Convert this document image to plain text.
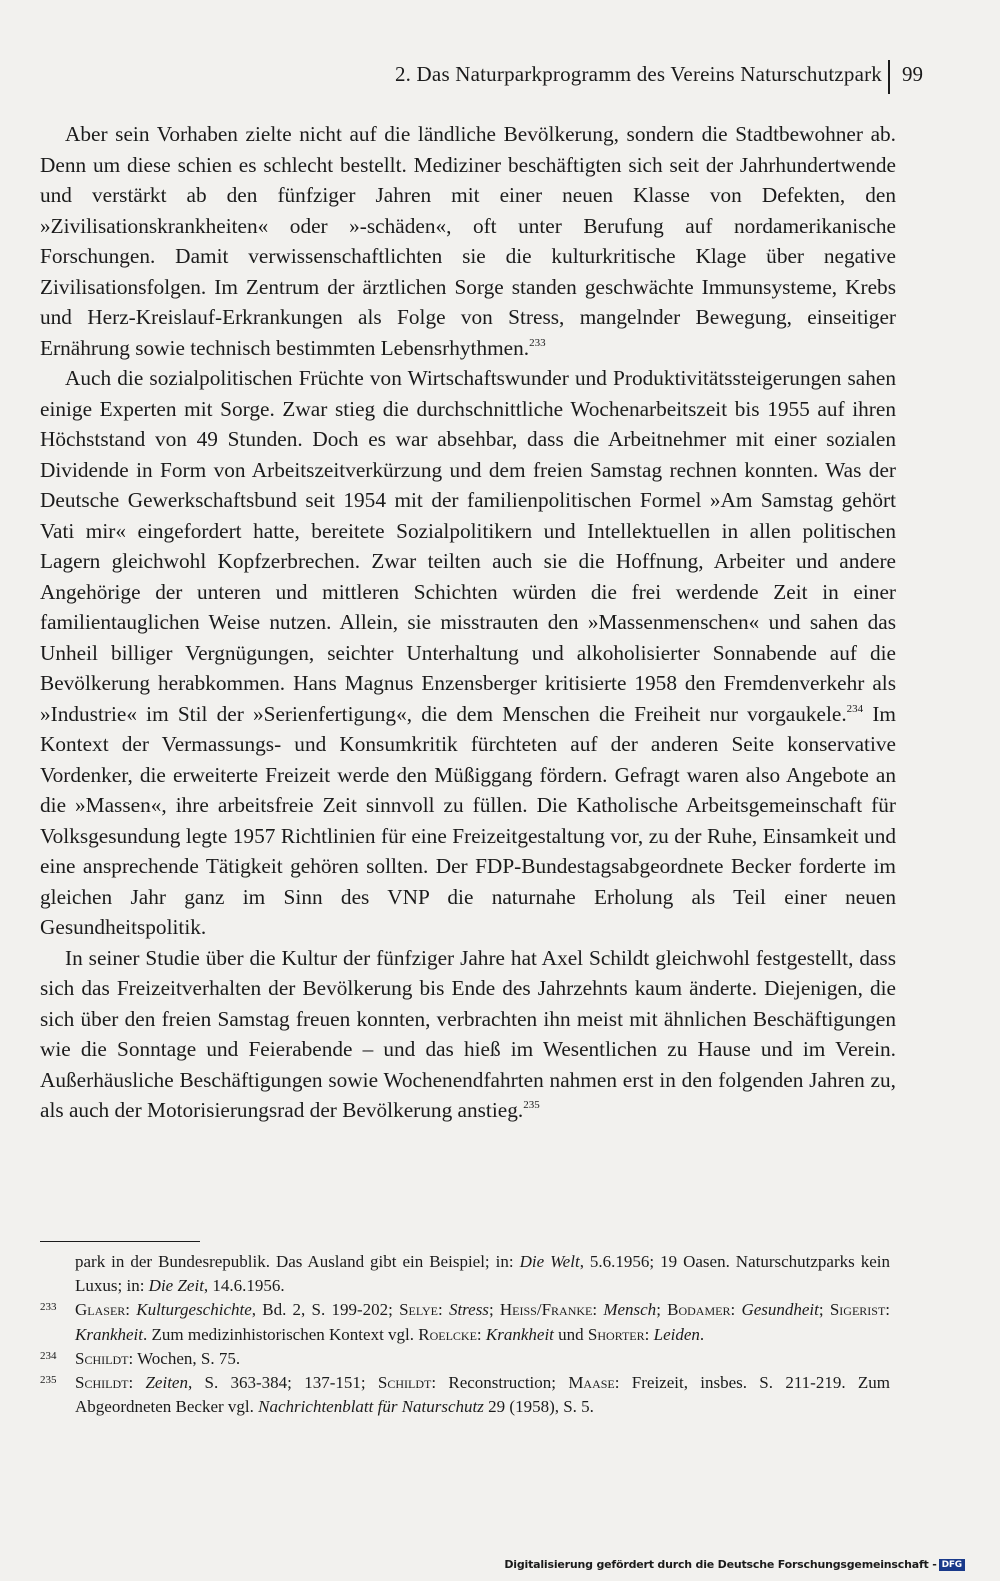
2. Das Naturparkprogramm des Vereins Naturschutzpark 99

Aber sein Vorhaben zielte nicht auf die ländliche Bevölkerung, sondern die Stadtbewohner ab. Denn um diese schien es schlecht bestellt. Mediziner beschäftigten sich seit der Jahrhundertwende und verstärkt ab den fünfziger Jahren mit einer neuen Klasse von Defekten, den »Zivilisationskrankheiten« oder »-schäden«, oft unter Berufung auf nordamerikanische Forschungen. Damit verwissenschaftlichten sie die kulturkritische Klage über negative Zivilisationsfolgen. Im Zentrum der ärztlichen Sorge standen geschwächte Immunsysteme, Krebs und Herz-Kreislauf-Erkrankungen als Folge von Stress, mangelnder Bewegung, einseitiger Ernährung sowie technisch bestimmten Lebensrhythmen.$^{233}$

Auch die sozialpolitischen Früchte von Wirtschaftswunder und Produktivitätssteigerungen sahen einige Experten mit Sorge. Zwar stieg die durchschnittliche Wochenarbeitszeit bis 1955 auf ihren Höchststand von 49 Stunden. Doch es war absehbar, dass die Arbeitnehmer mit einer sozialen Dividende in Form von Arbeitszeitverkürzung und dem freien Samstag rechnen konnten. Was der Deutsche Gewerkschaftsbund seit 1954 mit der familienpolitischen Formel »Am Samstag gehört Vati mir« eingefordert hatte, bereitete Sozialpolitikern und Intellektuellen in allen politischen Lagern gleichwohl Kopfzerbrechen. Zwar teilten auch sie die Hoffnung, Arbeiter und andere Angehörige der unteren und mittleren Schichten würden die frei werdende Zeit in einer familientauglichen Weise nutzen. Allein, sie misstrauten den »Massenmenschen« und sahen das Unheil billiger Vergnügungen, seichter Unterhaltung und alkoholisierter Sonnabende auf die Bevölkerung herabkommen. Hans Magnus Enzensberger kritisierte 1958 den Fremdenverkehr als »Industrie« im Stil der »Serienfertigung«, die dem Menschen die Freiheit nur vorgaukele.$^{234}$ Im Kontext der Vermassungs- und Konsumkritik fürchteten auf der anderen Seite konservative Vordenker, die erweiterte Freizeit werde den Müßiggang fördern. Gefragt waren also Angebote an die »Massen«, ihre arbeitsfreie Zeit sinnvoll zu füllen. Die Katholische Arbeitsgemeinschaft für Volksgesundung legte 1957 Richtlinien für eine Freizeitgestaltung vor, zu der Ruhe, Einsamkeit und eine ansprechende Tätigkeit gehören sollten. Der FDP-Bundestagsabgeordnete Becker forderte im gleichen Jahr ganz im Sinn des VNP die naturnahe Erholung als Teil einer neuen Gesundheitspolitik.

In seiner Studie über die Kultur der fünfziger Jahre hat Axel Schildt gleichwohl festgestellt, dass sich das Freizeitverhalten der Bevölkerung bis Ende des Jahrzehnts kaum änderte. Diejenigen, die sich über den freien Samstag freuen konnten, verbrachten ihn meist mit ähnlichen Beschäftigungen wie die Sonntage und Feierabende – und das hieß im Wesentlichen zu Hause und im Verein. Außerhäusliche Beschäftigungen sowie Wochenendfahrten nahmen erst in den folgenden Jahren zu, als auch der Motorisierungsrad der Bevölkerung anstieg.$^{235}$

park in der Bundesrepublik. Das Ausland gibt ein Beispiel; in: Die Welt, 5.6.1956; 19 Oasen. Naturschutzparks kein Luxus; in: Die Zeit, 14.6.1956.

233 Glaser: Kulturgeschichte, Bd. 2, S. 199-202; Selye: Stress; Heiss/Franke: Mensch; Bodamer: Gesundheit; Sigerist: Krankheit. Zum medizinhistorischen Kontext vgl. Roelcke: Krankheit und Shorter: Leiden.

234 Schildt: Wochen, S. 75.

235 Schildt: Zeiten, S. 363-384; 137-151; Schildt: Reconstruction; Maase: Freizeit, insbes. S. 211-219. Zum Abgeordneten Becker vgl. Nachrichtenblatt für Naturschutz 29 (1958), S. 5.

Digitalisierung gefördert durch die Deutsche Forschungsgemeinschaft - DFG
